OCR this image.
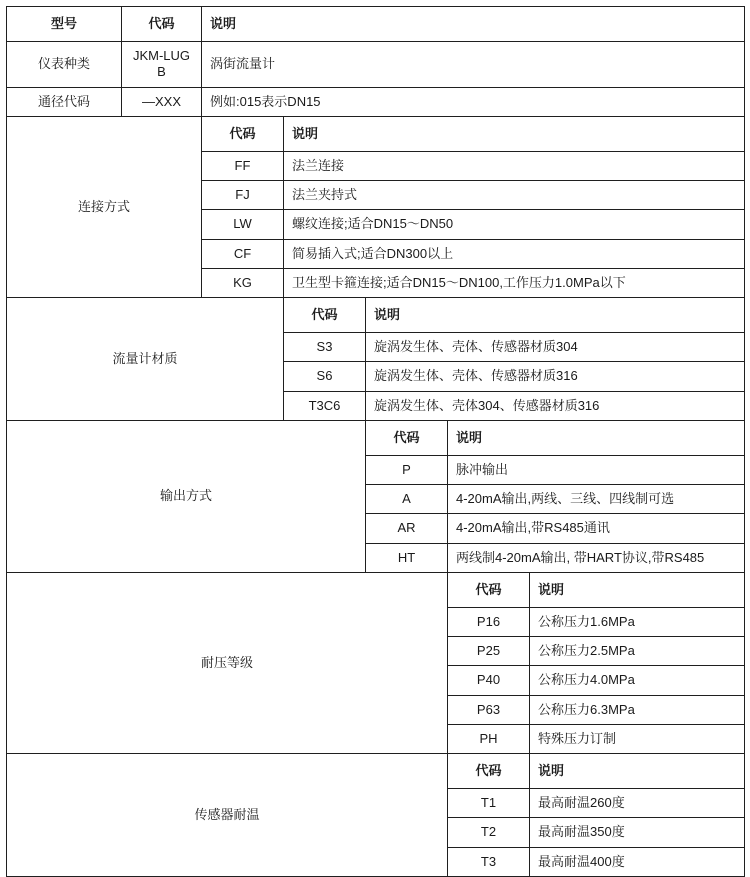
型号	代码	说明				
仪表种类	JKM-LUGB	涡街流量计				
通径代码	—XXX	例如:015表示DN15				
连接方式		代码	说明			
		FF	法兰连接			
		FJ	法兰夹持式			
		LW	螺纹连接;适合DN15～DN50			
		CF	简易插入式;适合DN300以上			
		KG	卫生型卡箍连接;适合DN15～DN100,工作压力1.0MPa以下			
流量计材质			代码	说明		
			S3	旋涡发生体、壳体、传感器材质304		
			S6	旋涡发生体、壳体、传感器材质316		
			T3C6	旋涡发生体、壳体304、传感器材质316		
输出方式				代码	说明	
				P	脉冲输出	
				A	4-20mA输出,两线、三线、四线制可选	
				AR	4-20mA输出,带RS485通讯	
				HT	两线制4-20mA输出, 带HART协议,带RS485	
耐压等级					代码	说明
					P16	公称压力1.6MPa
					P25	公称压力2.5MPa
					P40	公称压力4.0MPa
					P63	公称压力6.3MPa
					PH	特殊压力订制
传感器耐温					代码	说明
					T1	最高耐温260度
					T2	最高耐温350度
					T3	最高耐温400度
